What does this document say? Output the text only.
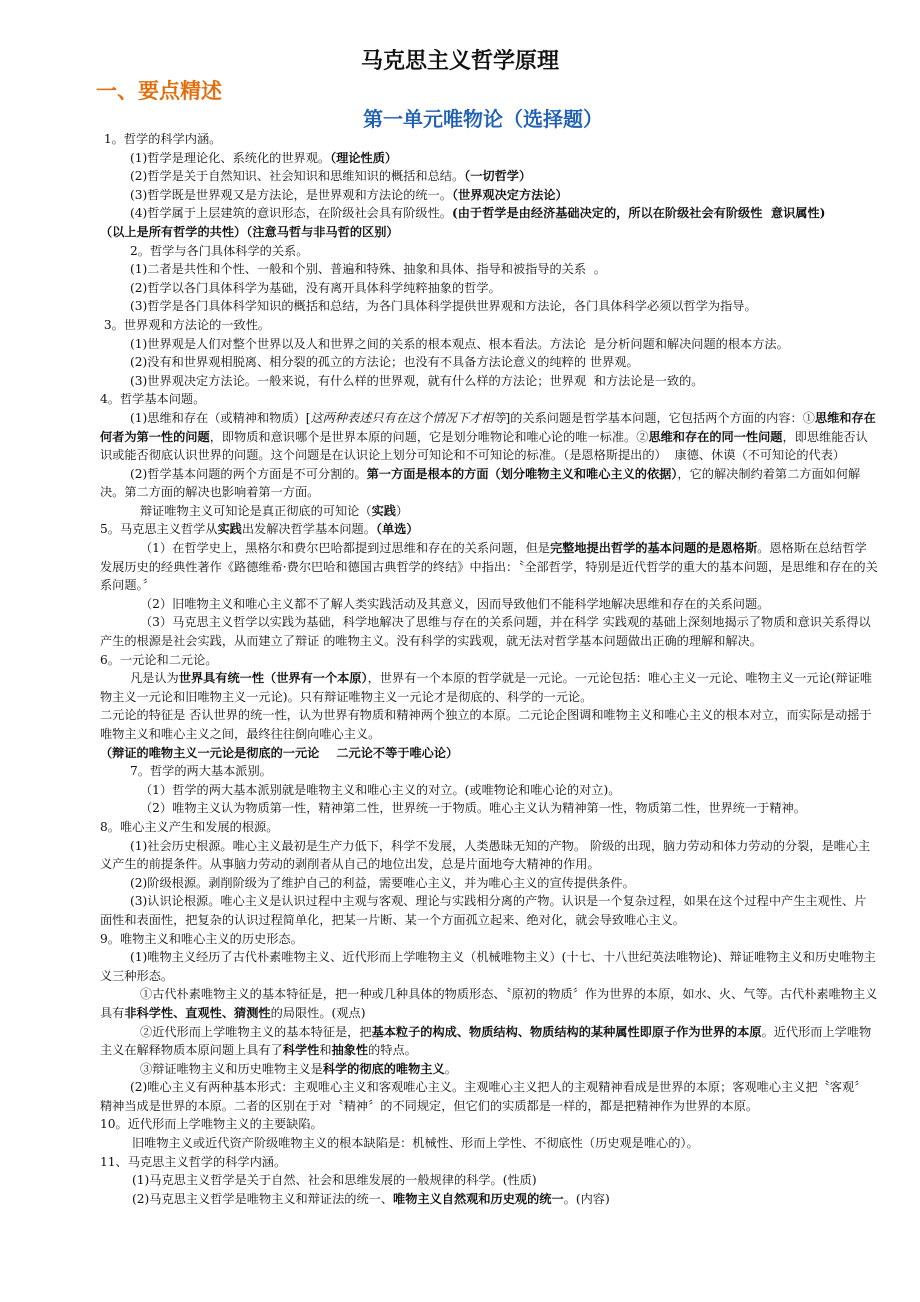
马克思主义哲学原理
一、要点精述
第一单元唯物论（选择题）

1。哲学的科学内涵。

(1)哲学是理论化、系统化的世界观。（理论性质）

(2)哲学是关于自然知识、社会知识和思维知识的概括和总结。（一切哲学）

(3)哲学既是世界观又是方法论，是世界观和方法论的统一。（世界观决定方法论）

(4)哲学属于上层建筑的意识形态，在阶级社会具有阶级性。(由于哲学是由经济基础决定的，所以在阶级社会有阶级性  意识属性)

（以上是所有哲学的共性）（注意马哲与非马哲的区别）

2。哲学与各门具体科学的关系。

(1)二者是共性和个性、一般和个别、普遍和特殊、抽象和具体、指导和被指导的关系  。

(2)哲学以各门具体科学为基础，没有离开具体科学纯粹抽象的哲学。

(3)哲学是各门具体科学知识的概括和总结，为各门具体科学提供世界观和方法论，各门具体科学必须以哲学为指导。

3。世界观和方法论的一致性。

(1)世界观是人们对整个世界以及人和世界之间的关系的根本观点、根本看法。方法论  是分析问题和解决问题的根本方法。

(2)没有和世界观相脱离、相分裂的孤立的方法论；也没有不具备方法论意义的纯粹的 世界观。

(3)世界观决定方法论。一般来说，有什么样的世界观，就有什么样的方法论；世界观  和方法论是一致的。

4。哲学基本问题。

(1)思维和存在（或精神和物质）[这两种表述只有在这个情况下才相等]的关系问题是哲学基本问题，它包括两个方面的内容：①思维和存在何者为第一性的问题，即物质和意识哪个是世界本原的问题，它是划分唯物论和唯心论的唯一标准。②思维和存在的同一性问题，即思维能否认识或能否彻底认识世界的问题。这个问题是在认识论上划分可知论和不可知论的标准。（是恩格斯提出的）  康德、休谟（不可知论的代表）

(2)哲学基本问题的两个方面是不可分割的。第一方面是根本的方面（划分唯物主义和唯心主义的依据），它的解决制约着第二方面如何解决。第二方面的解决也影响着第一方面。

辩证唯物主义可知论是真正彻底的可知论（实践）

5。马克思主义哲学从实践出发解决哲学基本问题。（单选）

（1）在哲学史上，黑格尔和费尔巴哈都提到过思维和存在的关系问题，但是完整地提出哲学的基本问题的是恩格斯。恩格斯在总结哲学发展历史的经典性著作《路德维希·费尔巴哈和德国古典哲学的终结》中指出：〝全部哲学，特别是近代哲学的重大的基本问题，是思维和存在的关系问题。〞

（2）旧唯物主义和唯心主义都不了解人类实践活动及其意义，因而导致他们不能科学地解决思维和存在的关系问题。

（3）马克思主义哲学以实践为基础，科学地解决了思维与存在的关系问题，并在科学 实践观的基础上深刻地揭示了物质和意识关系得以产生的根源是社会实践，从而建立了辩证 的唯物主义。没有科学的实践观，就无法对哲学基本问题做出正确的理解和解决。

6。一元论和二元论。

凡是认为世界具有统一性（世界有一个本原），世界有一个本原的哲学就是一元论。一元论包括：唯心主义一元论、唯物主义一元论(辩证唯物主义一元论和旧唯物主义一元论)。只有辩证唯物主义一元论才是彻底的、科学的一元论。

二元论的特征是 否认世界的统一性，认为世界有物质和精神两个独立的本原。二元论企图调和唯物主义和唯心主义的根本对立，而实际是动摇于唯物主义和唯心主义之间，最终往往倒向唯心主义。

（辩证的唯物主义一元论是彻底的一元论    二元论不等于唯心论）

7。哲学的两大基本派别。

（1）哲学的两大基本派别就是唯物主义和唯心主义的对立。(或唯物论和唯心论的对立)。

（2）唯物主义认为物质第一性，精神第二性，世界统一于物质。唯心主义认为精神第一性，物质第二性，世界统一于精神。

8。唯心主义产生和发展的根源。

(1)社会历史根源。唯心主义最初是生产力低下，科学不发展，人类愚昧无知的产物。 阶级的出现，脑力劳动和体力劳动的分裂，是唯心主义产生的前提条件。从事脑力劳动的剥削者从自己的地位出发，总是片面地夸大精神的作用。

(2)阶级根源。剥削阶级为了维护自己的利益，需要唯心主义，并为唯心主义的宣传提供条件。

(3)认识论根源。唯心主义是认识过程中主观与客观、理论与实践相分离的产物。认识是一个复杂过程，如果在这个过程中产生主观性、片面性和表面性，把复杂的认识过程简单化，把某一片断、某一个方面孤立起来、绝对化，就会导致唯心主义。

9。唯物主义和唯心主义的历史形态。

(1)唯物主义经历了古代朴素唯物主义、近代形而上学唯物主义（机械唯物主义）(十七、十八世纪英法唯物论)、辩证唯物主义和历史唯物主义三种形态。

①古代朴素唯物主义的基本特征是，把一种或几种具体的物质形态、〝原初的物质〞作为世界的本原，如水、火、气等。古代朴素唯物主义具有非科学性、直观性、猜测性的局限性。(观点)

②近代形而上学唯物主义的基本特征是，把基本粒子的构成、物质结构、物质结构的某种属性即原子作为世界的本原。近代形而上学唯物主义在解释物质本原问题上具有了科学性和抽象性的特点。

③辩证唯物主义和历史唯物主义是科学的彻底的唯物主义。

(2)唯心主义有两种基本形式：主观唯心主义和客观唯心主义。主观唯心主义把人的主观精神看成是世界的本原；客观唯心主义把〝客观〞精神当成是世界的本原。二者的区别在于对〝精神〞的不同规定，但它们的实质都是一样的，都是把精神作为世界的本原。

10。近代形而上学唯物主义的主要缺陷。

旧唯物主义或近代资产阶级唯物主义的根本缺陷是：机械性、形而上学性、不彻底性（历史观是唯心的）。

11、马克思主义哲学的科学内涵。

(1)马克思主义哲学是关于自然、社会和思维发展的一般规律的科学。(性质)

(2)马克思主义哲学是唯物主义和辩证法的统一、唯物主义自然观和历史观的统一。(内容)
